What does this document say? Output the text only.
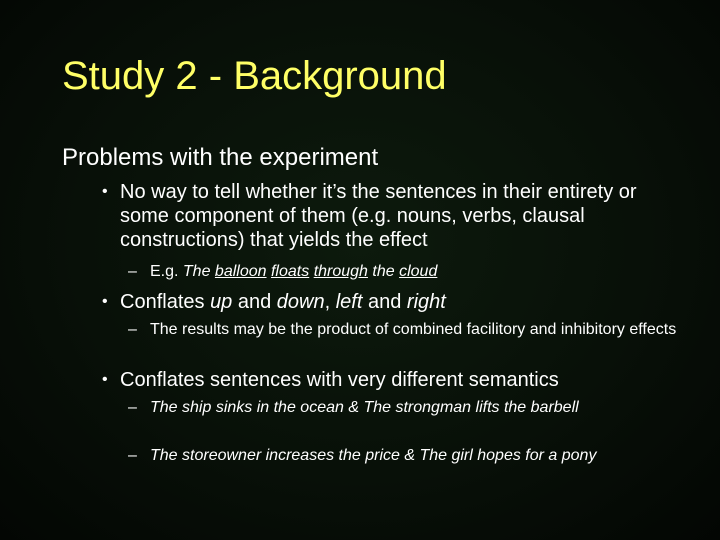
Study 2 - Background
Problems with the experiment
• No way to tell whether it’s the sentences in their entirety or some component of them (e.g. nouns, verbs, clausal constructions) that yields the effect
– E.g. The balloon floats through the cloud
• Conflates up and down, left and right
– The results may be the product of combined facilitory and inhibitory effects
• Conflates sentences with very different semantics
– The ship sinks in the ocean & The strongman lifts the barbell
– The storeowner increases the price & The girl hopes for a pony
